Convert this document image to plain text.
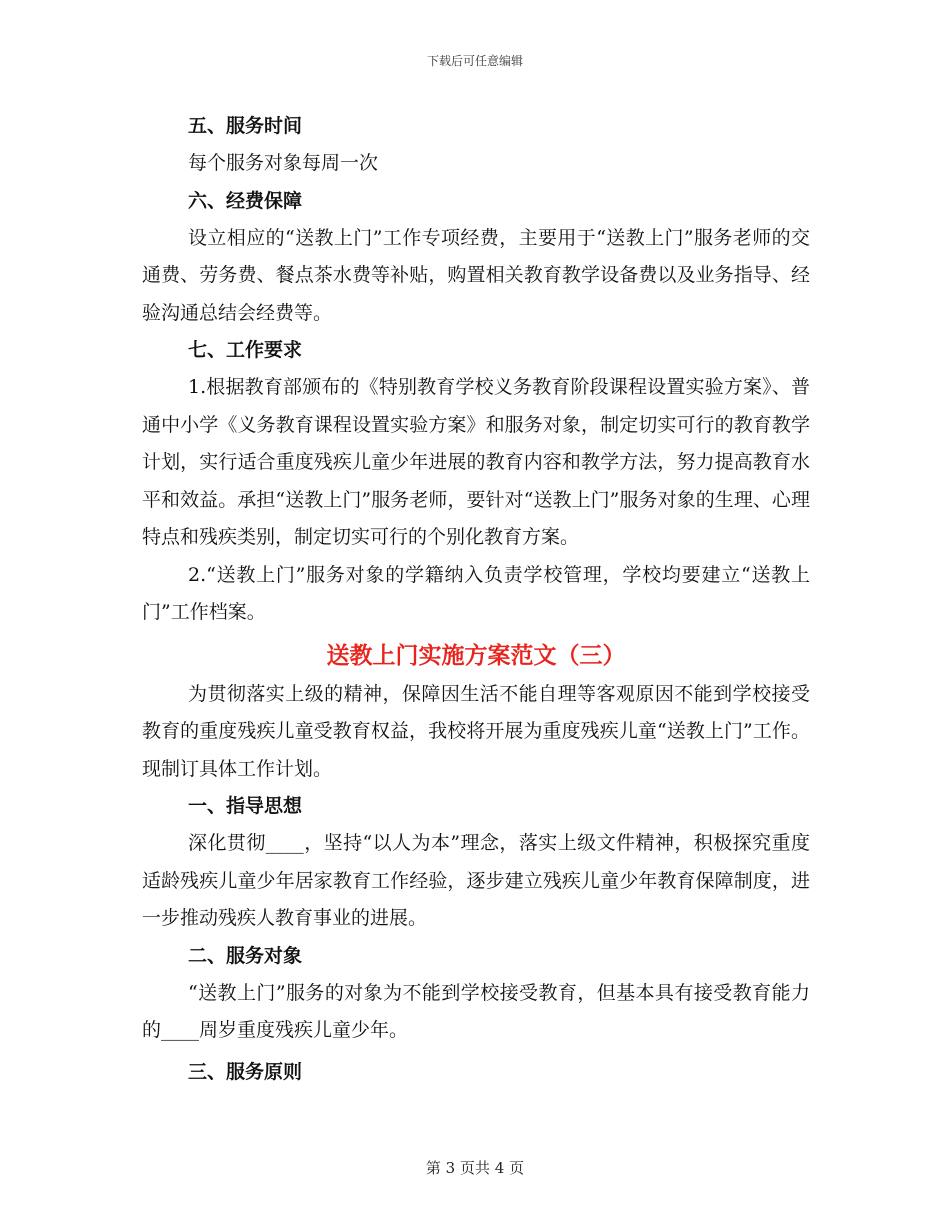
下载后可任意编辑

五、服务时间

每个服务对象每周一次

六、经费保障

设立相应的“送教上门”工作专项经费，主要用于“送教上门”服务老师的交通费、劳务费、餐点茶水费等补贴，购置相关教育教学设备费以及业务指导、经验沟通总结会经费等。

七、工作要求

1.根据教育部颁布的《特别教育学校义务教育阶段课程设置实验方案》、普通中小学《义务教育课程设置实验方案》和服务对象，制定切实可行的教育教学计划，实行适合重度残疾儿童少年进展的教育内容和教学方法，努力提高教育水平和效益。承担“送教上门”服务老师，要针对“送教上门”服务对象的生理、心理特点和残疾类别，制定切实可行的个别化教育方案。

2.“送教上门”服务对象的学籍纳入负责学校管理，学校均要建立“送教上门”工作档案。

送教上门实施方案范文（三）

为贯彻落实上级的精神，保障因生活不能自理等客观原因不能到学校接受教育的重度残疾儿童受教育权益，我校将开展为重度残疾儿童“送教上门”工作。现制订具体工作计划。

一、指导思想

深化贯彻____，坚持“以人为本”理念，落实上级文件精神，积极探究重度适龄残疾儿童少年居家教育工作经验，逐步建立残疾儿童少年教育保障制度，进一步推动残疾人教育事业的进展。

二、服务对象

“送教上门”服务的对象为不能到学校接受教育，但基本具有接受教育能力的____周岁重度残疾儿童少年。

三、服务原则

第 3 页共 4 页
